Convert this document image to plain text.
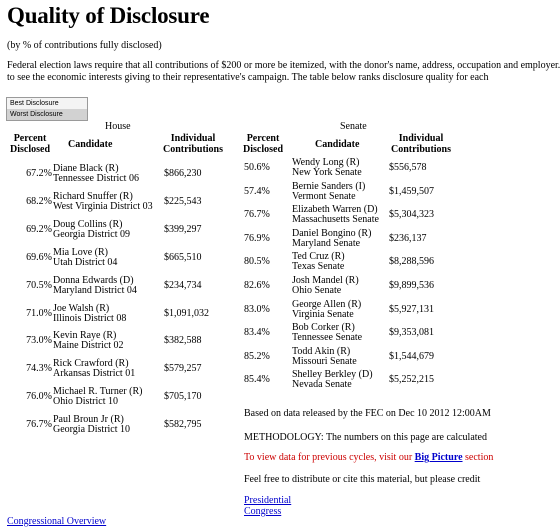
Quality of Disclosure
(by % of contributions fully disclosed)
Federal election laws require that all contributions of $200 or more be itemized, with the donor's name, address, occupation and employer.
to see the economic interests giving to their representative's campaign. The table below ranks disclosure quality for each
Best Disclosure
Worst Disclosure
House
Percent
Disclosed Candidate
Individual
Contributions
67.2% Diane Black (R)
Tennessee District 06	$866,230
68.2% Richard Snuffer (R)
West Virginia District 03 $225,543
69.2% Doug Collins (R)
Georgia District 09	$399,297
69.6% Mia Love (R)
Utah District 04	$665,510
70.5% Donna Edwards (D)
Maryland District 04	$234,734
71.0% Joe Walsh (R)
Illinois District 08	$1,091,032
73.0% Kevin Raye (R)
Maine District 02	$382,588
74.3% Rick Crawford (R)
Arkansas District 01	$579,257
76.0% Michael R. Turner (R)
Ohio District 10	$705,170
76.7% Paul Broun Jr (R)
Georgia District 10	$582,795
Senate
Percent
Disclosed	Candidate
Individual
Contributions
50.6% Wendy Long (R)
New York Senate	$556,578
57.4% Bernie Sanders (I)
Vermont Senate	$1,459,507
76.7% Elizabeth Warren (D)
Massachusetts Senate $5,304,323
76.9% Daniel Bongino (R)
Maryland Senate	$236,137
80.5% Ted Cruz (R)
Texas Senate	$8,288,596
82.6% Josh Mandel (R)
Ohio Senate	$9,899,536
83.0% George Allen (R)
Virginia Senate	$5,927,131
83.4% Bob Corker (R)
Tennessee Senate	$9,353,081
85.2% Todd Akin (R)
Missouri Senate	$1,544,679
85.4% Shelley Berkley (D)
Nevada Senate	$5,252,215
Based on data released by the FEC on Dec 10 2012 12:00AM
METHODOLOGY: The numbers on this page are calculated
To view data for previous cycles, visit our Big Picture section
Feel free to distribute or cite this material, but please credit
Presidential
Congress
Congressional Overview
